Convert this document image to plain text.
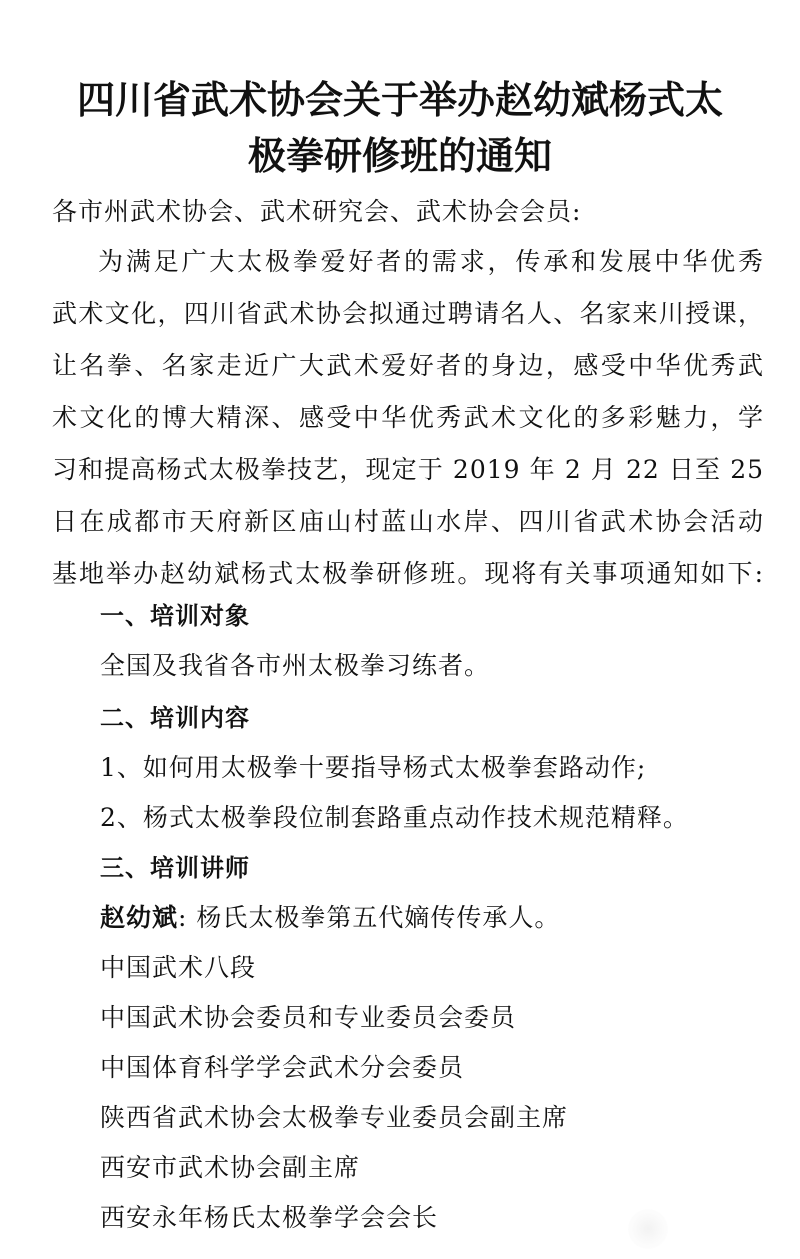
四川省武术协会关于举办赵幼斌杨式太
极拳研修班的通知
各市州武术协会、武术研究会、武术协会会员:
为满足广大太极拳爱好者的需求，传承和发展中华优秀
武术文化，四川省武术协会拟通过聘请名人、名家来川授课，
让名拳、名家走近广大武术爱好者的身边，感受中华优秀武
术文化的博大精深、感受中华优秀武术文化的多彩魅力，学
习和提高杨式太极拳技艺，现定于 2019 年 2 月 22 日至 25
日在成都市天府新区庙山村蓝山水岸、四川省武术协会活动
基地举办赵幼斌杨式太极拳研修班。现将有关事项通知如下:
一、培训对象
全国及我省各市州太极拳习练者。
二、培训内容
1、如何用太极拳十要指导杨式太极拳套路动作;
2、杨式太极拳段位制套路重点动作技术规范精释。
三、培训讲师
赵幼斌: 杨氏太极拳第五代嫡传传承人。
中国武术八段
中国武术协会委员和专业委员会委员
中国体育科学学会武术分会委员
陕西省武术协会太极拳专业委员会副主席
西安市武术协会副主席
西安永年杨氏太极拳学会会长
